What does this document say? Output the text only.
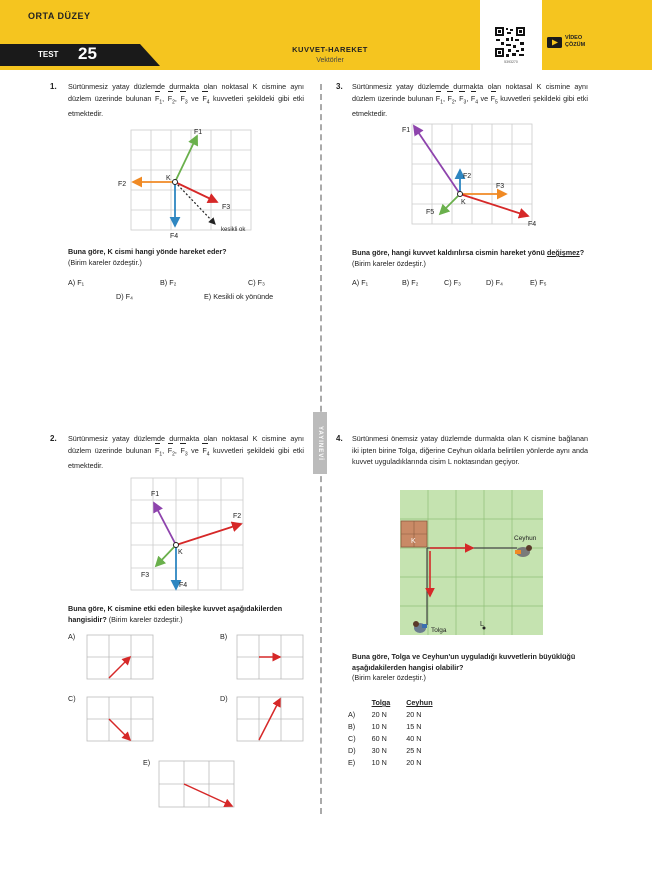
ORTA DÜZEY
TEST 25	KUVVET-HAREKET
Vektörler	5393270
VİDEO
ÇÖZÜM
YAYINEVİ
1. Sürtünmesiz yatay düzlemde durmakta olan noktasal K cismine aynı düzlem üzerinde bulunan $F_1$, $F_2$, $F_3$ ve $F_4$ kuvvetleri şekildeki gibi etki etmektedir.
K
F1
F2
F3
F4
kesikli ok
Buna göre, K cismi hangi yönde hareket eder?
(Birim kareler özdeştir.)
A) F₁	B) F₂	C) F₃
D) F₄	E) Kesikli ok yönünde
3. Sürtünmesiz yatay düzlemde durmakta olan noktasal K cismine aynı düzlem üzerinde bulunan $F_1$, $F_2$, $F_3$, $F_4$ ve $F_5$ kuvvetleri şekildeki gibi etki etmektedir.
K
F1
F2
F3
F4
F5
Buna göre, hangi kuvvet kaldırılırsa cismin hareket yönü değişmez? (Birim kareler özdeştir.)
A) F₁	B) F₂	C) F₃	D) F₄	E) F₅
2. Sürtünmesiz yatay düzlemde durmakta olan noktasal K cismine aynı düzlem üzerinde bulunan $F_1$, $F_2$, $F_3$ ve $F_4$ kuvvetleri şekildeki gibi etki etmektedir.
K
F1
F2
F3
F4
Buna göre, K cismine etki eden bileşke kuvvet aşağıdakilerden hangisidir? (Birim kareler özdeştir.)
A)	B)
C)	D)
E)
4. Sürtünmesi önemsiz yatay düzlemde durmakta olan K cismine bağlanan iki ipten birine Tolga, diğerine Ceyhun oklarla belirtilen yönlerde aynı anda kuvvet uyguladıklarında cisim L noktasından geçiyor.
K	Ceyhun
Tolga
L
Buna göre, Tolga ve Ceyhun'un uyguladığı kuvvetlerin büyüklüğü aşağıdakilerden hangisi olabilir?
(Birim kareler özdeştir.)
	Tolga	Ceyhun
A)	20 N	20 N
B)	10 N	15 N
C)	60 N	40 N
D)	30 N	25 N
E)	10 N	20 N
